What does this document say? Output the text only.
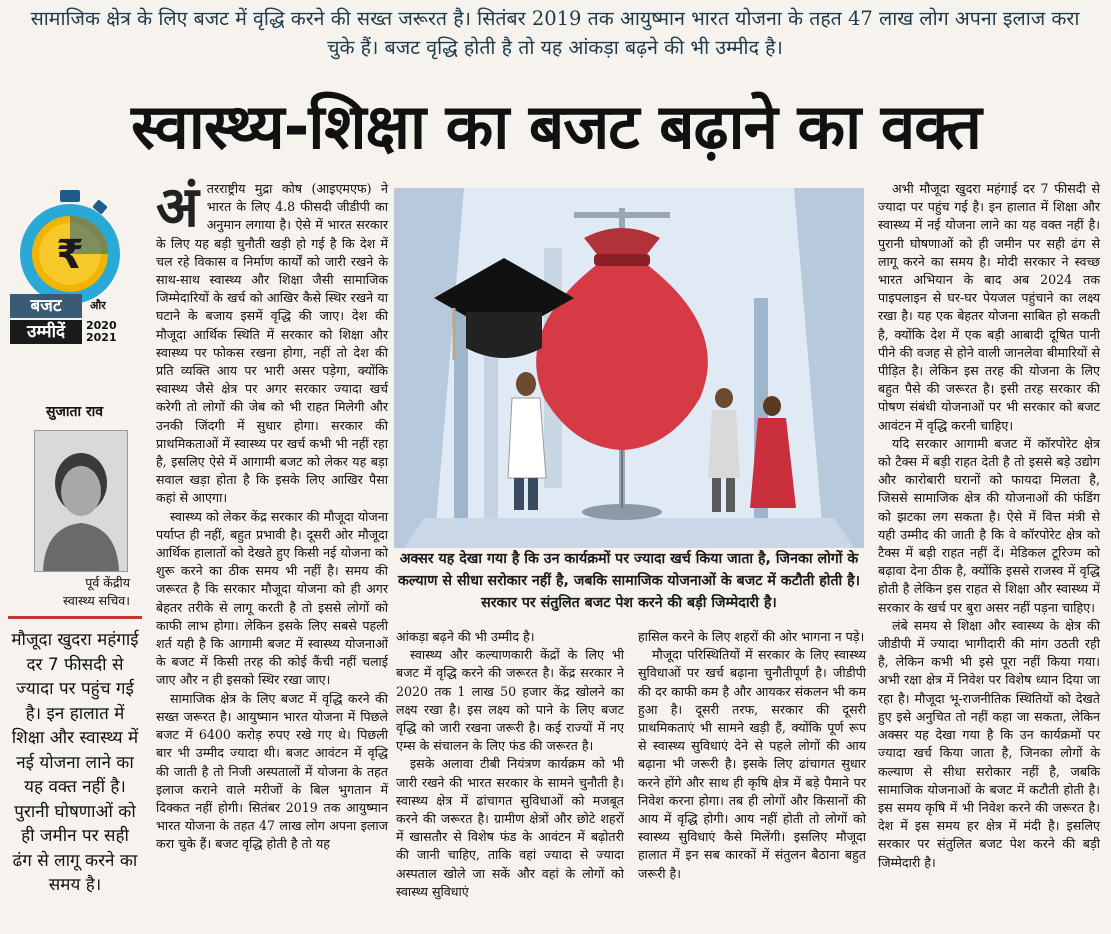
सामाजिक क्षेत्र के लिए बजट में वृद्धि करने की सख्त जरूरत है। सितंबर 2019 तक आयुष्मान भारत योजना के तहत 47 लाख लोग अपना इलाज करा चुके हैं। बजट वृद्धि होती है तो यह आंकड़ा बढ़ने की भी उम्मीद है।
स्वास्थ्य-शिक्षा का बजट बढ़ाने का वक्त
₹
बजट	और
उम्मीदें	2020
2021
सुजाता राव
पूर्व केंद्रीय
स्वास्थ्य सचिव।
मौजूदा खुदरा महंगाई दर 7 फीसदी से ज्यादा पर पहुंच गई है। इन हालात में शिक्षा और स्वास्थ्य में नई योजना लाने का यह वक्त नहीं है। पुरानी घोषणाओं को ही जमीन पर सही ढंग से लागू करने का समय है।

अंतरराष्ट्रीय मुद्रा कोष (आइएमएफ) ने भारत के लिए 4.8 फीसदी जीडीपी का अनुमान लगाया है। ऐसे में भारत सरकार के लिए यह बड़ी चुनौती खड़ी हो गई है कि देश में चल रहे विकास व निर्माण कार्यों को जारी रखने के साथ-साथ स्वास्थ्य और शिक्षा जैसी सामाजिक जिम्मेदारियों के खर्च को आखिर कैसे स्थिर रखने या घटाने के बजाय इसमें वृद्धि की जाए। देश की मौजूदा आर्थिक स्थिति में सरकार को शिक्षा और स्वास्थ्य पर फोकस रखना होगा, नहीं तो देश की प्रति व्यक्ति आय पर भारी असर पड़ेगा, क्योंकि स्वास्थ्य जैसे क्षेत्र पर अगर सरकार ज्यादा खर्च करेगी तो लोगों की जेब को भी राहत मिलेगी और उनकी जिंदगी में सुधार होगा। सरकार की प्राथमिकताओं में स्वास्थ्य पर खर्च कभी भी नहीं रहा है, इसलिए ऐसे में आगामी बजट को लेकर यह बड़ा सवाल खड़ा होता है कि इसके लिए आखिर पैसा कहां से आएगा।

स्वास्थ्य को लेकर केंद्र सरकार की मौजूदा योजना पर्याप्त ही नहीं, बहुत प्रभावी है। दूसरी ओर मौजूदा आर्थिक हालातों को देखते हुए किसी नई योजना को शुरू करने का ठीक समय भी नहीं है। समय की जरूरत है कि सरकार मौजूदा योजना को ही अगर बेहतर तरीके से लागू करती है तो इससे लोगों को काफी लाभ होगा। लेकिन इसके लिए सबसे पहली शर्त यही है कि आगामी बजट में स्वास्थ्य योजनाओं के बजट में किसी तरह की कोई कैंची नहीं चलाई जाए और न ही इसको स्थिर रखा जाए।

सामाजिक क्षेत्र के लिए बजट में वृद्धि करने की सख्त जरूरत है। आयुष्मान भारत योजना में पिछले बजट में 6400 करोड़ रुपए रखे गए थे। पिछली बार भी उम्मीद ज्यादा थी। बजट आवंटन में वृद्धि की जाती है तो निजी अस्पतालों में योजना के तहत इलाज कराने वाले मरीजों के बिल भुगतान में दिक्कत नहीं होगी। सितंबर 2019 तक आयुष्मान भारत योजना के तहत 47 लाख लोग अपना इलाज करा चुके हैं। बजट वृद्धि होती है तो यह

अक्सर यह देखा गया है कि उन कार्यक्रमों पर ज्यादा खर्च किया जाता है, जिनका लोगों के कल्याण से सीधा सरोकार नहीं है, जबकि सामाजिक योजनाओं के बजट में कटौती होती है। सरकार पर संतुलित बजट पेश करने की बड़ी जिम्मेदारी है।

आंकड़ा बढ़ने की भी उम्मीद है।

स्वास्थ्य और कल्याणकारी केंद्रों के लिए भी बजट में वृद्धि करने की जरूरत है। केंद्र सरकार ने 2020 तक 1 लाख 50 हजार केंद्र खोलने का लक्ष्य रखा है। इस लक्ष्य को पाने के लिए बजट वृद्धि को जारी रखना जरूरी है। कई राज्यों में नए एम्स के संचालन के लिए फंड की जरूरत है।

इसके अलावा टीबी नियंत्रण कार्यक्रम को भी जारी रखने की भारत सरकार के सामने चुनौती है। स्वास्थ्य क्षेत्र में ढांचागत सुविधाओं को मजबूत करने की जरूरत है। ग्रामीण क्षेत्रों और छोटे शहरों में खासतौर से विशेष फंड के आवंटन में बढ़ोतरी की जानी चाहिए, ताकि वहां ज्यादा से ज्यादा अस्पताल खोले जा सकें और वहां के लोगों को स्वास्थ्य सुविधाएं

हासिल करने के लिए शहरों की ओर भागना न पड़े।

मौजूदा परिस्थितियों में सरकार के लिए स्वास्थ्य सुविधाओं पर खर्च बढ़ाना चुनौतीपूर्ण है। जीडीपी की दर काफी कम है और आयकर संकलन भी कम हुआ है। दूसरी तरफ, सरकार की दूसरी प्राथमिकताएं भी सामने खड़ी हैं, क्योंकि पूर्ण रूप से स्वास्थ्य सुविधाएं देने से पहले लोगों की आय बढ़ाना भी जरूरी है। इसके लिए ढांचागत सुधार करने होंगे और साथ ही कृषि क्षेत्र में बड़े पैमाने पर निवेश करना होगा। तब ही लोगों और किसानों की आय में वृद्धि होगी। आय नहीं होती तो लोगों को स्वास्थ्य सुविधाएं कैसे मिलेंगी। इसलिए मौजूदा हालात में इन सब कारकों में संतुलन बैठाना बहुत जरूरी है।

अभी मौजूदा खुदरा महंगाई दर 7 फीसदी से ज्यादा पर पहुंच गई है। इन हालात में शिक्षा और स्वास्थ्य में नई योजना लाने का यह वक्त नहीं है। पुरानी घोषणाओं को ही जमीन पर सही ढंग से लागू करने का समय है। मोदी सरकार ने स्वच्छ भारत अभियान के बाद अब 2024 तक पाइपलाइन से घर-घर पेयजल पहुंचाने का लक्ष्य रखा है। यह एक बेहतर योजना साबित हो सकती है, क्योंकि देश में एक बड़ी आबादी दूषित पानी पीने की वजह से होने वाली जानलेवा बीमारियों से पीड़ित है। लेकिन इस तरह की योजना के लिए बहुत पैसे की जरूरत है। इसी तरह सरकार की पोषण संबंधी योजनाओं पर भी सरकार को बजट आवंटन में वृद्धि करनी चाहिए।

यदि सरकार आगामी बजट में कॉरपोरेट क्षेत्र को टैक्स में बड़ी राहत देती है तो इससे बड़े उद्योग और कारोबारी घरानों को फायदा मिलता है, जिससे सामाजिक क्षेत्र की योजनाओं की फंडिंग को झटका लग सकता है। ऐसे में वित्त मंत्री से यही उम्मीद की जाती है कि वे कॉरपोरेट क्षेत्र को टैक्स में बड़ी राहत नहीं दें। मेडिकल टूरिज्म को बढ़ावा देना ठीक है, क्योंकि इससे राजस्व में वृद्धि होती है लेकिन इस राहत से शिक्षा और स्वास्थ्य में सरकार के खर्च पर बुरा असर नहीं पड़ना चाहिए।

लंबे समय से शिक्षा और स्वास्थ्य के क्षेत्र की जीडीपी में ज्यादा भागीदारी की मांग उठती रही है, लेकिन कभी भी इसे पूरा नहीं किया गया। अभी रक्षा क्षेत्र में निवेश पर विशेष ध्यान दिया जा रहा है। मौजूदा भू-राजनीतिक स्थितियों को देखते हुए इसे अनुचित तो नहीं कहा जा सकता, लेकिन अक्सर यह देखा गया है कि उन कार्यक्रमों पर ज्यादा खर्च किया जाता है, जिनका लोगों के कल्याण से सीधा सरोकार नहीं है, जबकि सामाजिक योजनाओं के बजट में कटौती होती है। इस समय कृषि में भी निवेश करने की जरूरत है। देश में इस समय हर क्षेत्र में मंदी है। इसलिए सरकार पर संतुलित बजट पेश करने की बड़ी जिम्मेदारी है।
